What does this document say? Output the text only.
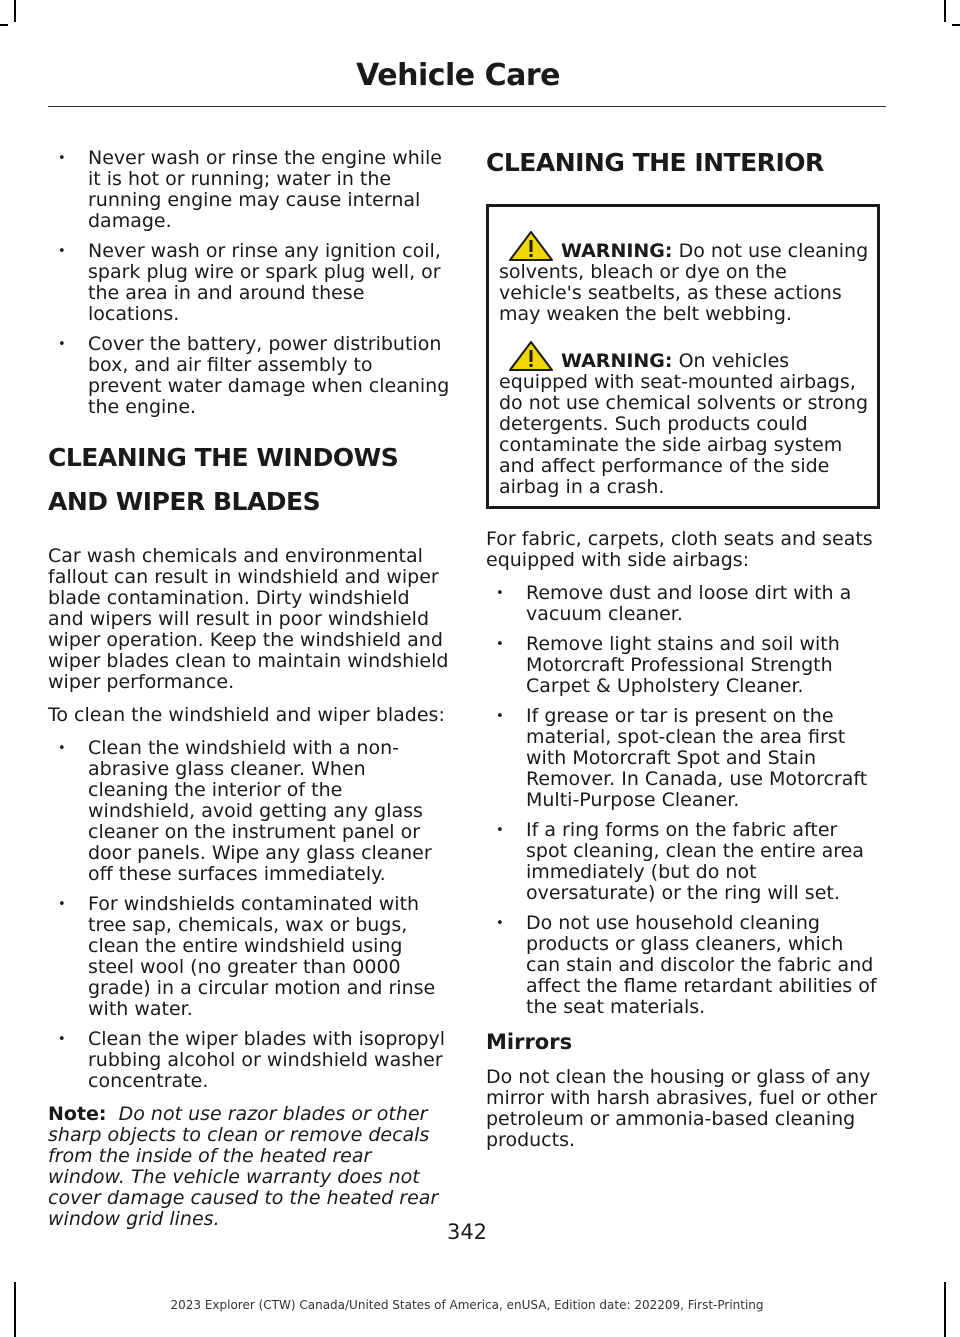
Vehicle Care
• Never wash or rinse the engine while it is hot or running; water in the running engine may cause internal damage.
• Never wash or rinse any ignition coil, spark plug wire or spark plug well, or the area in and around these locations.
• Cover the battery, power distribution box, and air filter assembly to prevent water damage when cleaning the engine.
CLEANING THE WINDOWS AND WIPER BLADES

Car wash chemicals and environmental fallout can result in windshield and wiper blade contamination. Dirty windshield and wipers will result in poor windshield wiper operation. Keep the windshield and wiper blades clean to maintain windshield wiper performance.

To clean the windshield and wiper blades:

• Clean the windshield with a non-abrasive glass cleaner. When cleaning the interior of the windshield, avoid getting any glass cleaner on the instrument panel or door panels. Wipe any glass cleaner off these surfaces immediately.
• For windshields contaminated with tree sap, chemicals, wax or bugs, clean the entire windshield using steel wool (no greater than 0000 grade) in a circular motion and rinse with water.
• Clean the wiper blades with isopropyl rubbing alcohol or windshield washer concentrate.

Note: Do not use razor blades or other sharp objects to clean or remove decals from the inside of the heated rear window. The vehicle warranty does not cover damage caused to the heated rear window grid lines.

CLEANING THE INTERIOR
WARNING: Do not use cleaning solvents, bleach or dye on the vehicle's seatbelts, as these actions may weaken the belt webbing.
WARNING: On vehicles equipped with seat-mounted airbags, do not use chemical solvents or strong detergents. Such products could contaminate the side airbag system and affect performance of the side airbag in a crash.

For fabric, carpets, cloth seats and seats equipped with side airbags:

• Remove dust and loose dirt with a vacuum cleaner.
• Remove light stains and soil with Motorcraft Professional Strength Carpet & Upholstery Cleaner.
• If grease or tar is present on the material, spot-clean the area first with Motorcraft Spot and Stain Remover. In Canada, use Motorcraft Multi-Purpose Cleaner.
• If a ring forms on the fabric after spot cleaning, clean the entire area immediately (but do not oversaturate) or the ring will set.
• Do not use household cleaning products or glass cleaners, which can stain and discolor the fabric and affect the flame retardant abilities of the seat materials.
Mirrors

Do not clean the housing or glass of any mirror with harsh abrasives, fuel or other petroleum or ammonia-based cleaning products.

342
2023 Explorer (CTW) Canada/United States of America, enUSA, Edition date: 202209, First-Printing
